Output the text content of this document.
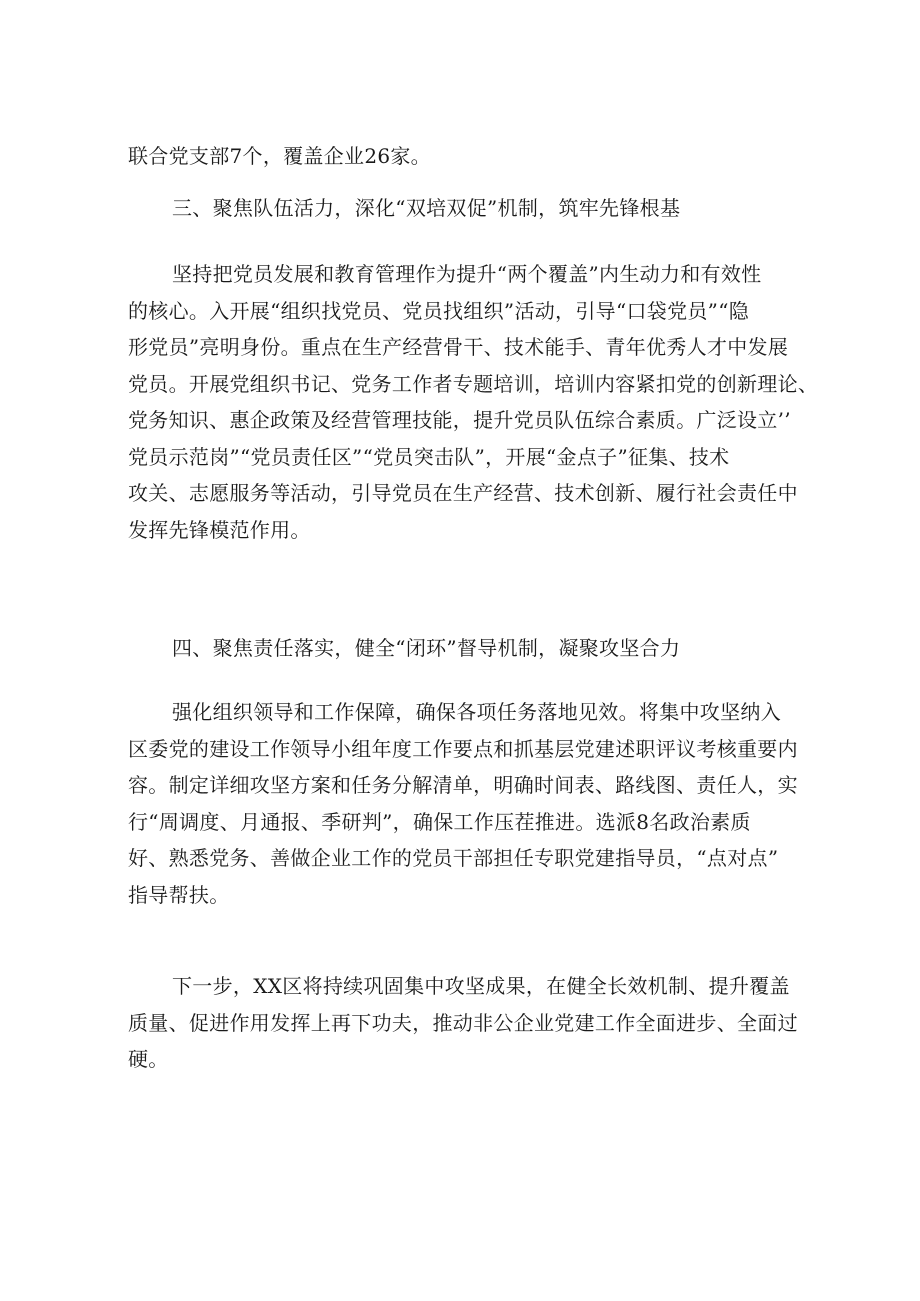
联合党支部7个，覆盖企业26家。
三、聚焦队伍活力，深化“双培双促”机制，筑牢先锋根基
坚持把党员发展和教育管理作为提升“两个覆盖”内生动力和有效性
的核心。入开展“组织找党员、党员找组织”活动，引导“口袋党员”“隐
形党员”亮明身份。重点在生产经营骨干、技术能手、青年优秀人才中发展
党员。开展党组织书记、党务工作者专题培训，培训内容紧扣党的创新理论、
党务知识、惠企政策及经营管理技能，提升党员队伍综合素质。广泛设立’’
党员示范岗”“党员责任区”“党员突击队”，开展“金点子”征集、技术
攻关、志愿服务等活动，引导党员在生产经营、技术创新、履行社会责任中
发挥先锋模范作用。
四、聚焦责任落实，健全“闭环”督导机制，凝聚攻坚合力
强化组织领导和工作保障，确保各项任务落地见效。将集中攻坚纳入
区委党的建设工作领导小组年度工作要点和抓基层党建述职评议考核重要内
容。制定详细攻坚方案和任务分解清单，明确时间表、路线图、责任人，实
行“周调度、月通报、季研判”，确保工作压茬推进。选派8名政治素质
好、熟悉党务、善做企业工作的党员干部担任专职党建指导员，“点对点”
指导帮扶。
下一步，XX区将持续巩固集中攻坚成果，在健全长效机制、提升覆盖
质量、促进作用发挥上再下功夫，推动非公企业党建工作全面进步、全面过
硬。
